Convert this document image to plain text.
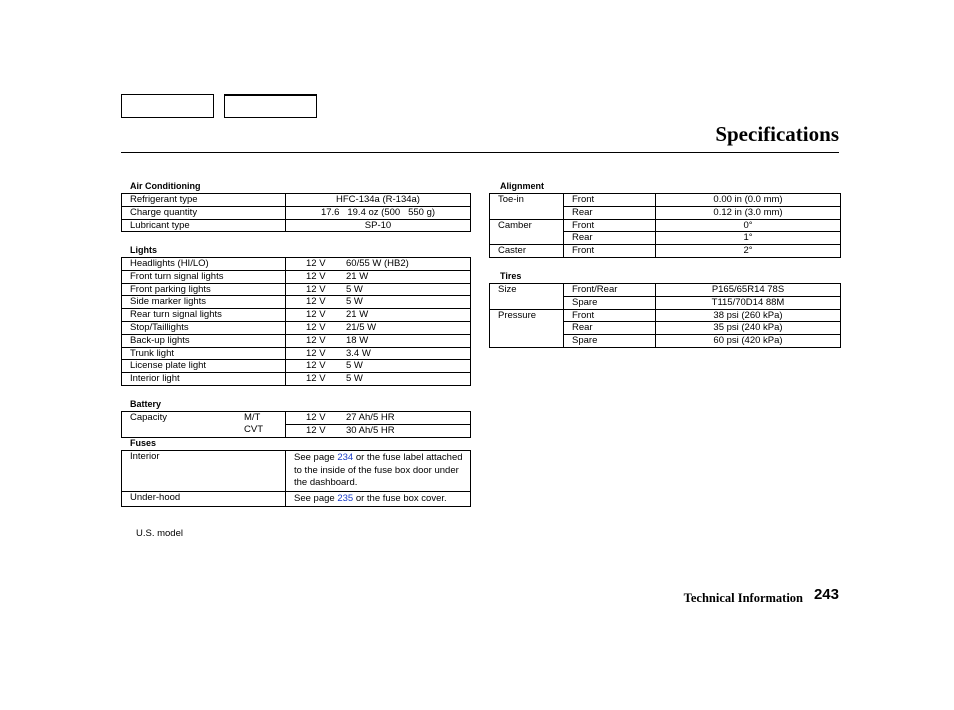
Specifications
Air Conditioning
Refrigerant type	HFC-134a (R-134a)
Charge quantity	17.6   19.4 oz (500   550 g)
Lubricant type	SP-10
Lights
Headlights (HI/LO)	12 V 60/55 W (HB2)
Front turn signal lights	12 V 21 W
Front parking lights	12 V 5 W
Side marker lights	12 V 5 W
Rear turn signal lights	12 V 21 W
Stop/Taillights	12 V 21/5 W
Back-up lights	12 V 18 W
Trunk light	12 V 3.4 W
License plate light	12 V 5 W
Interior light	12 V 5 W
Battery
Capacity M/T	12 V 27 Ah/5 HR

CVT	12 V 30 Ah/5 HR
Fuses
Interior	See page 234 or the fuse label attached to the inside of the fuse box door under the dashboard.
Under-hood	See page 235 or the fuse box cover.
U.S. model
Alignment
Toe-in	Front	0.00 in (0.0 mm)
	Rear	0.12 in (3.0 mm)
Camber	Front	0°
	Rear	1°
Caster	Front	2°
Tires
Size	Front/Rear	P165/65R14 78S
	Spare	T115/70D14 88M
Pressure	Front	38 psi (260 kPa)
	Rear	35 psi (240 kPa)
	Spare	60 psi (420 kPa)
Technical Information 243
